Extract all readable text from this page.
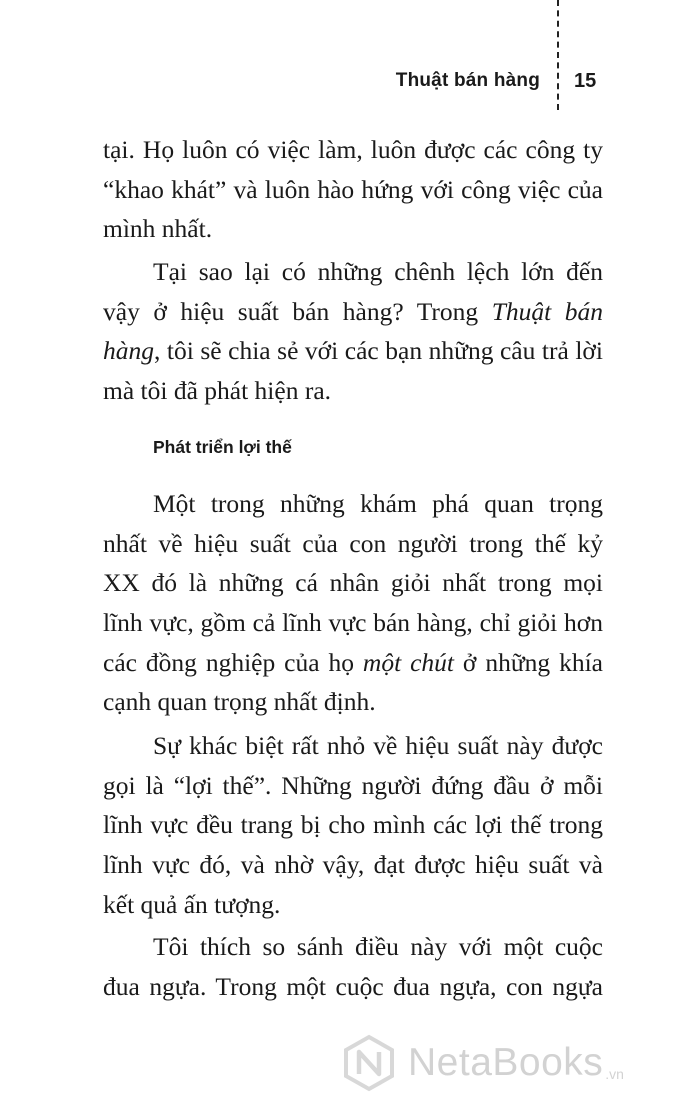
Thuật bán hàng 15
tại. Họ luôn có việc làm, luôn được các công ty
“khao khát” và luôn hào hứng với công việc của
mình nhất.
Tại sao lại có những chênh lệch lớn đến
vậy ở hiệu suất bán hàng? Trong Thuật bán
hàng, tôi sẽ chia sẻ với các bạn những câu trả lời
mà tôi đã phát hiện ra.
Phát triển lợi thế
Một trong những khám phá quan trọng
nhất về hiệu suất của con người trong thế kỷ
XX đó là những cá nhân giỏi nhất trong mọi
lĩnh vực, gồm cả lĩnh vực bán hàng, chỉ giỏi hơn
các đồng nghiệp của họ một chút ở những khía
cạnh quan trọng nhất định.
Sự khác biệt rất nhỏ về hiệu suất này được
gọi là “lợi thế”. Những người đứng đầu ở mỗi
lĩnh vực đều trang bị cho mình các lợi thế trong
lĩnh vực đó, và nhờ vậy, đạt được hiệu suất và
kết quả ấn tượng.
Tôi thích so sánh điều này với một cuộc
đua ngựa. Trong một cuộc đua ngựa, con ngựa
NetaBooks .vn
